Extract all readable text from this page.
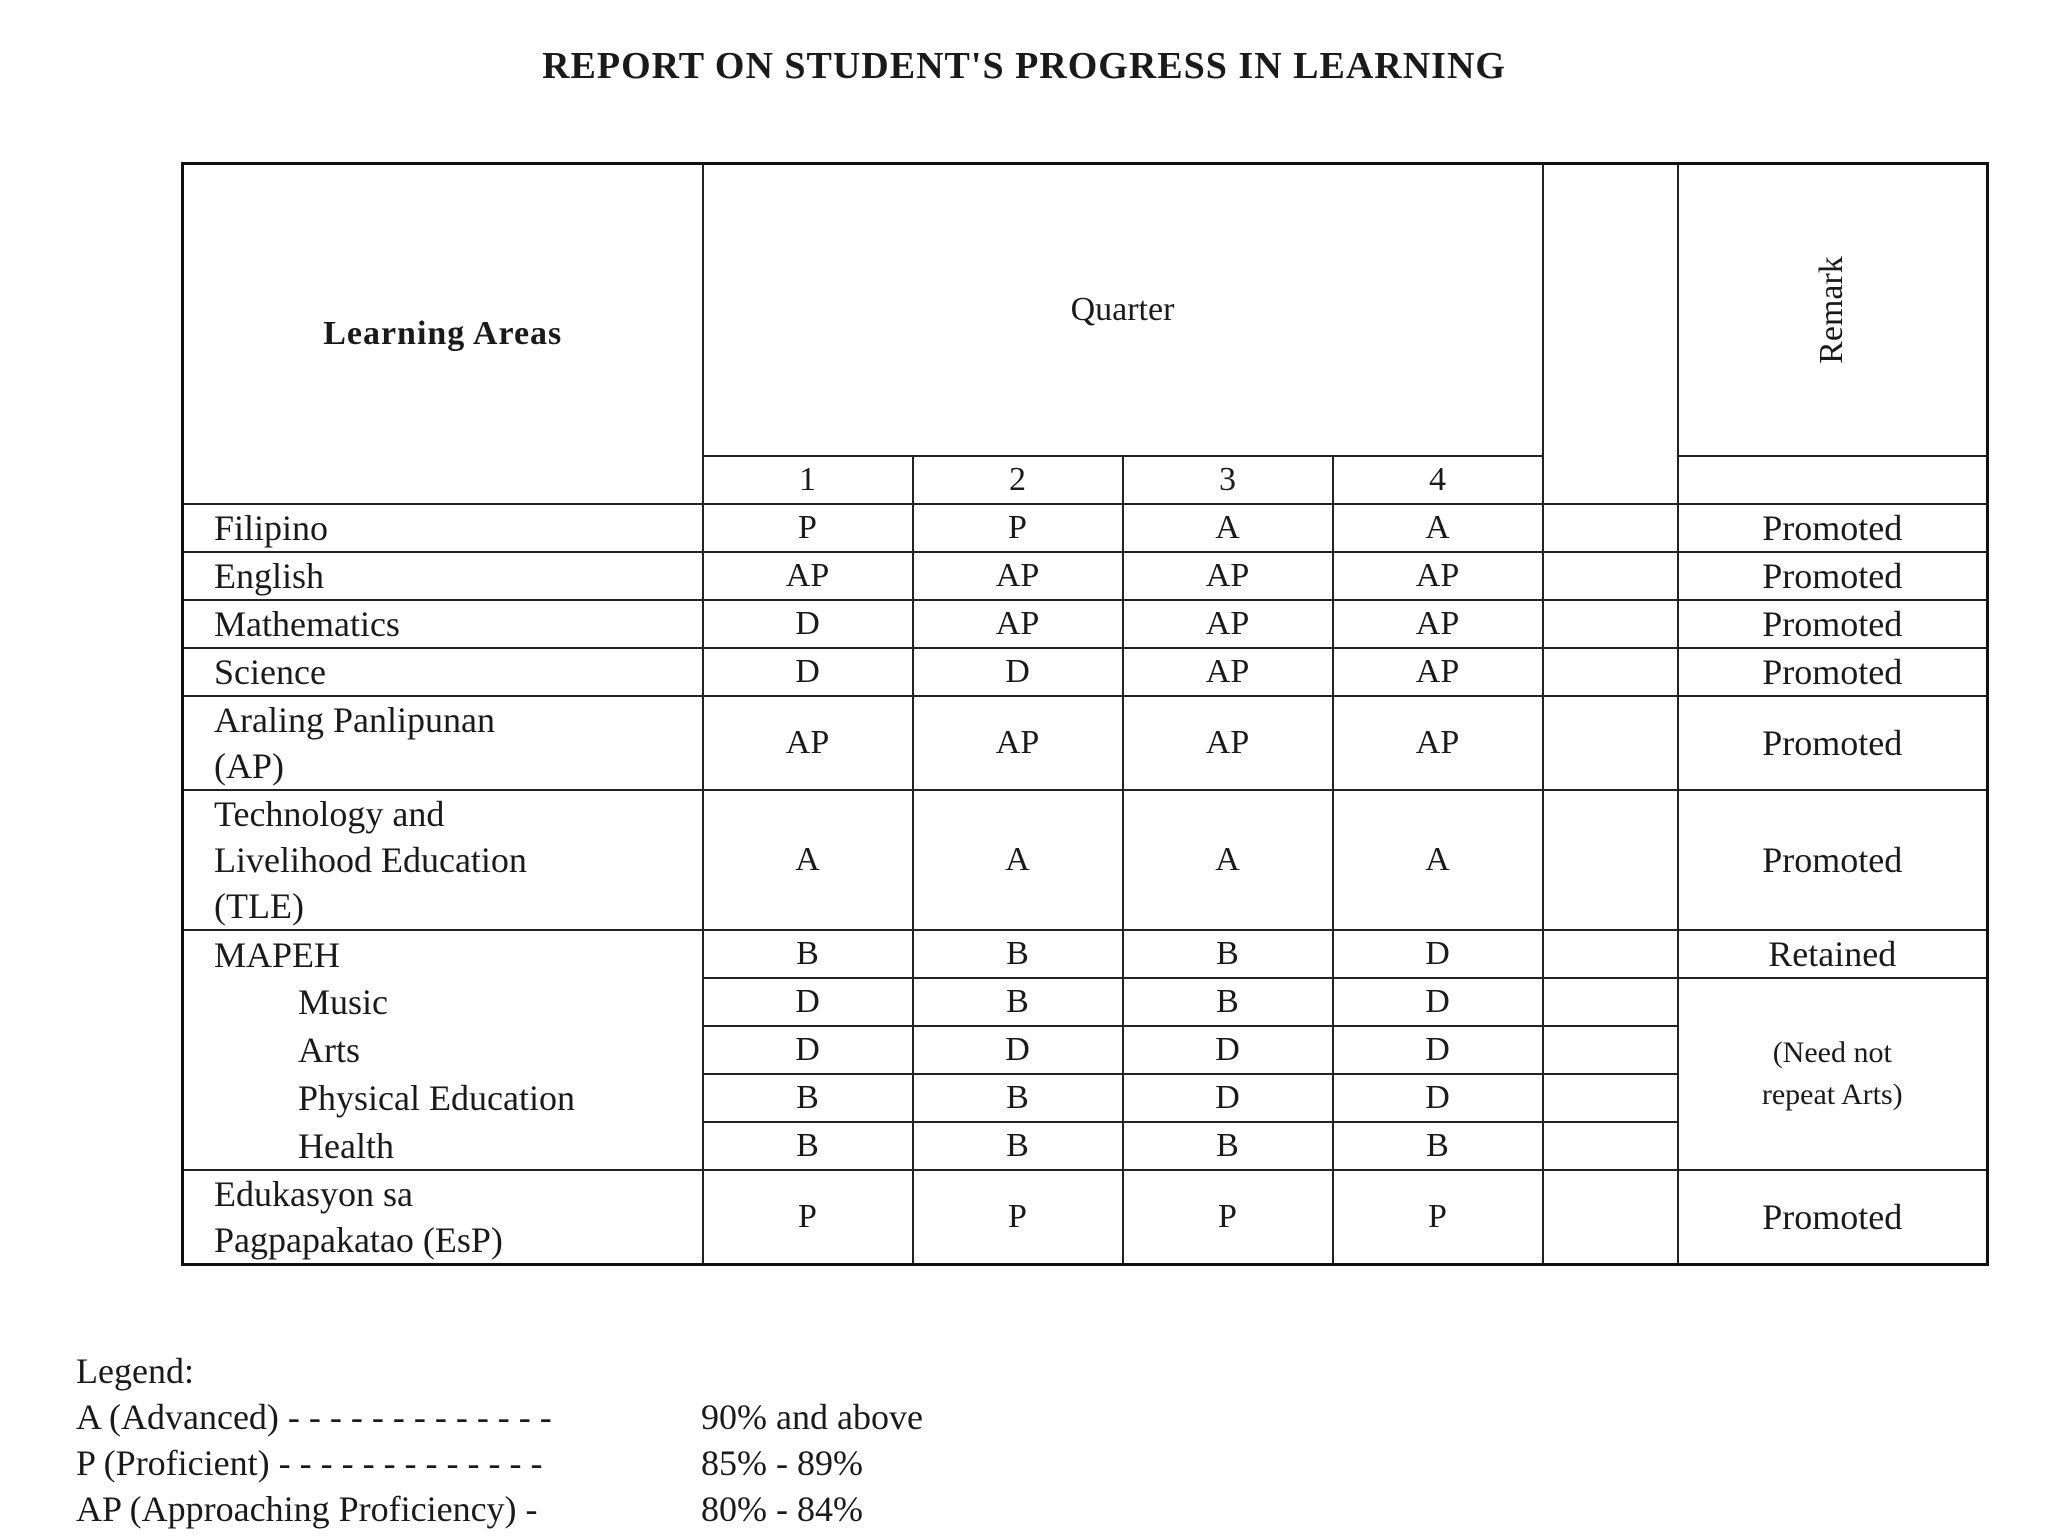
REPORT ON STUDENT'S PROGRESS IN LEARNING
Learning Areas	Quarter					Remark
	1	2	3	4		
Filipino	P	P	A	A		Promoted
English	AP	AP	AP	AP		Promoted
Mathematics	D	AP	AP	AP		Promoted
Science	D	D	AP	AP		Promoted

Araling Panlipunan
(AP)	AP	AP	AP	AP		Promoted

Technology and
Livelihood Education
(TLE)	A	A	A	A		Promoted
MAPEH	B	B	B	D		Retained
Music	D	B	B	D		(Need not
repeat Arts)

Arts	D	D	D	D		
Physical Education	B	B	D	D		
Health	B	B	B	B		

Edukasyon sa
Pagpapakatao (EsP)	P	P	P	P		Promoted
Legend:
A (Advanced) - - - - - - - - - - - - -	90% and above
P (Proficient) - - - - - - - - - - - - -	85% - 89%
AP (Approaching Proficiency) -	80% - 84%
